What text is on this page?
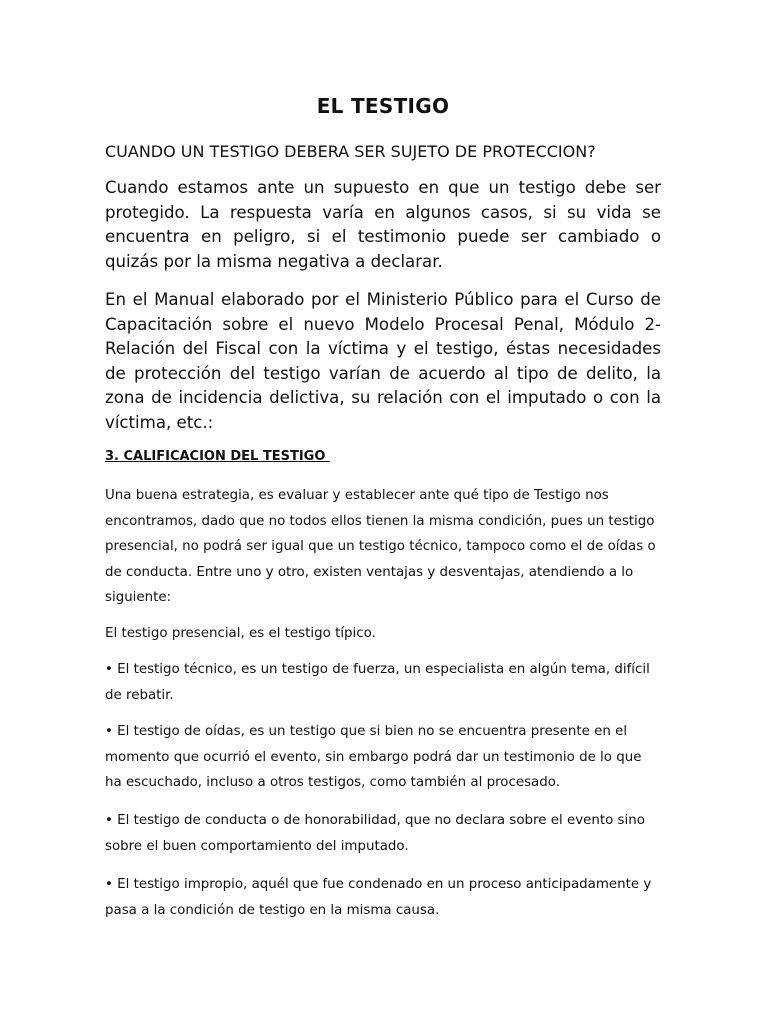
EL TESTIGO

CUANDO UN TESTIGO DEBERA SER SUJETO DE PROTECCION?

Cuando estamos ante un supuesto en que un testigo debe ser protegido. La respuesta varía en algunos casos, si su vida se encuentra en peligro, si el testimonio puede ser cambiado o quizás por la misma negativa a declarar.

En el Manual elaborado por el Ministerio Público para el Curso de Capacitación sobre el nuevo Modelo Procesal Penal, Módulo 2-Relación del Fiscal con la víctima y el testigo, éstas necesidades de protección del testigo varían de acuerdo al tipo de delito, la zona de incidencia delictiva, su relación con el imputado o con la víctima, etc.:

3. CALIFICACION DEL TESTIGO

Una buena estrategia, es evaluar y establecer ante qué tipo de Testigo nos encontramos, dado que no todos ellos tienen la misma condición, pues un testigo presencial, no podrá ser igual que un testigo técnico, tampoco como el de oídas o de conducta. Entre uno y otro, existen ventajas y desventajas, atendiendo a lo siguiente:

El testigo presencial, es el testigo típico.

• El testigo técnico, es un testigo de fuerza, un especialista en algún tema, difícil de rebatir.

• El testigo de oídas, es un testigo que si bien no se encuentra presente en el momento que ocurrió el evento, sin embargo podrá dar un testimonio de lo que ha escuchado, incluso a otros testigos, como también al procesado.

• El testigo de conducta o de honorabilidad, que no declara sobre el evento sino sobre el buen comportamiento del imputado.

• El testigo impropio, aquél que fue condenado en un proceso anticipadamente y pasa a la condición de testigo en la misma causa.
